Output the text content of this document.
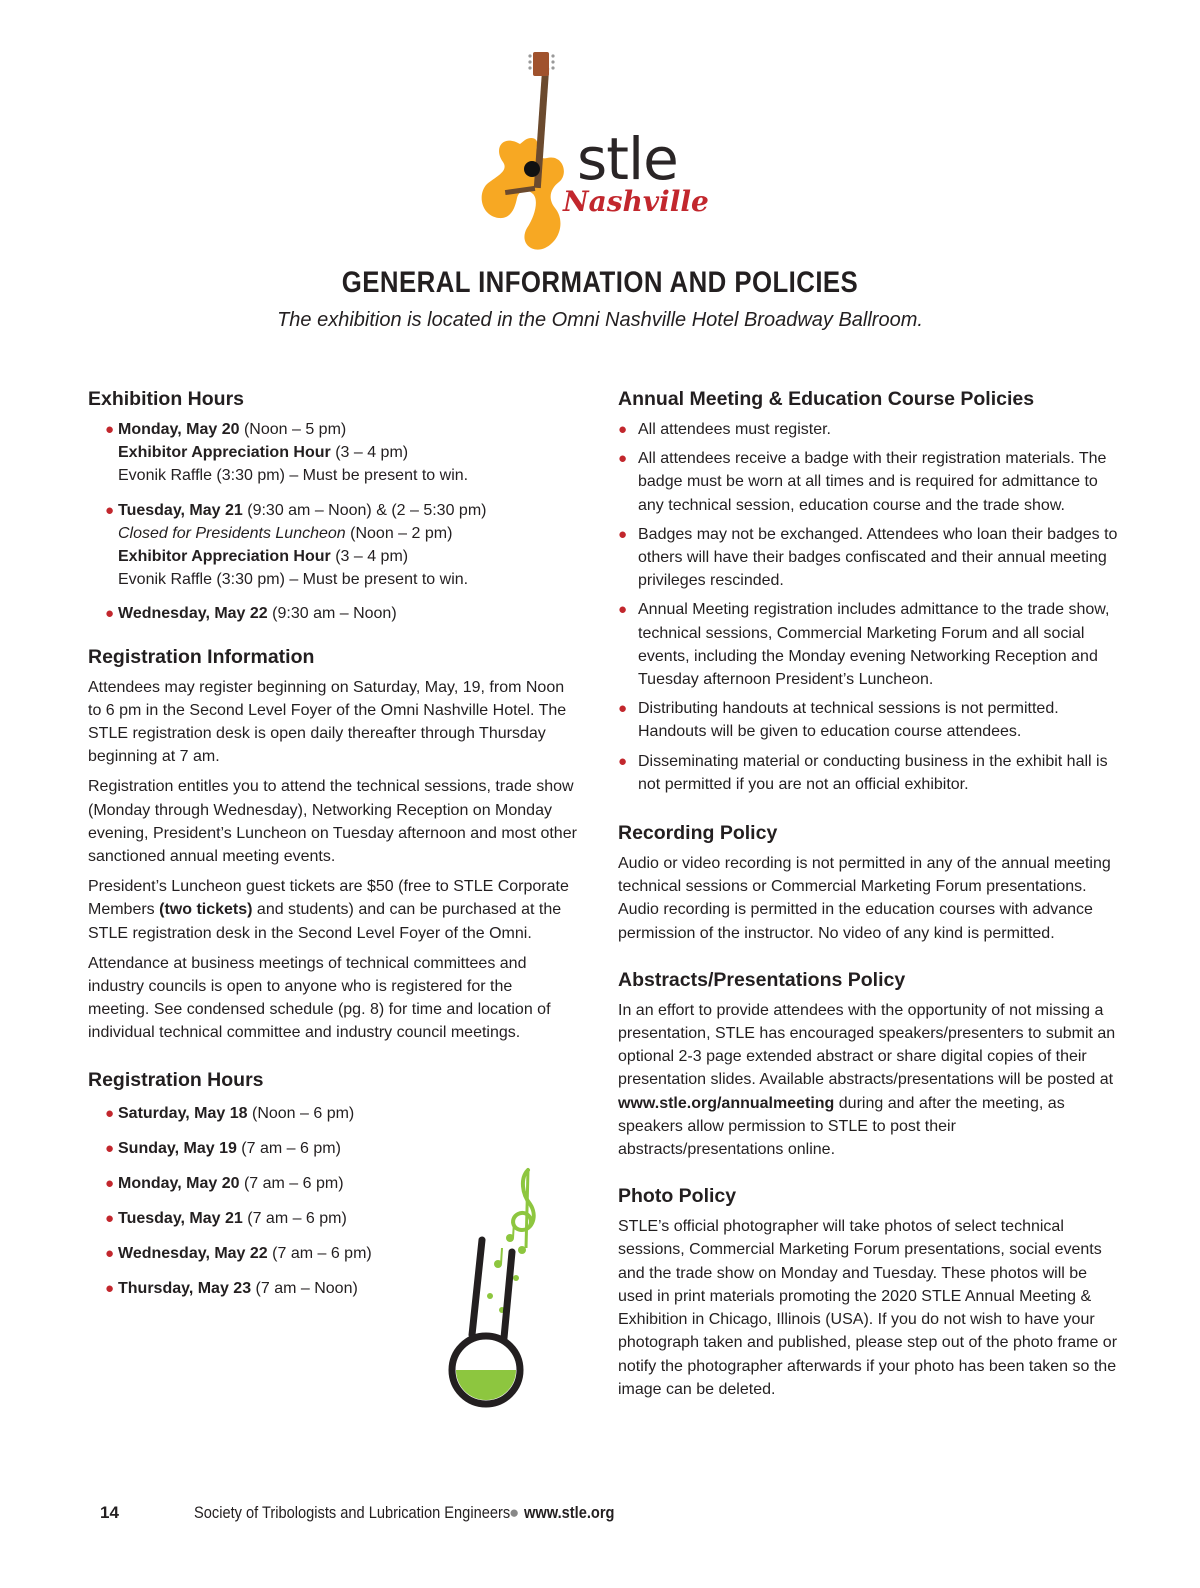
stle
Nashville
GENERAL INFORMATION AND POLICIES
The exhibition is located in the Omni Nashville Hotel Broadway Ballroom.
Exhibition Hours
● Monday, May 20 (Noon – 5 pm)
Exhibitor Appreciation Hour (3 – 4 pm)
Evonik Raffle (3:30 pm) – Must be present to win.
● Tuesday, May 21 (9:30 am – Noon) & (2 – 5:30 pm)
Closed for Presidents Luncheon (Noon – 2 pm)
Exhibitor Appreciation Hour (3 – 4 pm)
Evonik Raffle (3:30 pm) – Must be present to win.
● Wednesday, May 22 (9:30 am – Noon)
Registration Information

Attendees may register beginning on Saturday, May, 19, from Noon to 6 pm in the Second Level Foyer of the Omni Nashville Hotel. The STLE registration desk is open daily thereafter through Thursday beginning at 7 am.

Registration entitles you to attend the technical sessions, trade show (Monday through Wednesday), Networking Reception on Monday evening, President’s Luncheon on Tuesday afternoon and most other sanctioned annual meeting events.

President’s Luncheon guest tickets are $50 (free to STLE Corporate Members (two tickets) and students) and can be purchased at the STLE registration desk in the Second Level Foyer of the Omni.

Attendance at business meetings of technical committees and industry councils is open to anyone who is registered for the meeting. See condensed schedule (pg. 8) for time and location of individual technical committee and industry council meetings.

Registration Hours
● Saturday, May 18 (Noon – 6 pm)
● Sunday, May 19 (7 am – 6 pm)
● Monday, May 20 (7 am – 6 pm)
● Tuesday, May 21 (7 am – 6 pm)
● Wednesday, May 22 (7 am – 6 pm)
● Thursday, May 23 (7 am – Noon)
Annual Meeting & Education Course Policies
● All attendees must register.
● All attendees receive a badge with their registration materials. The badge must be worn at all times and is required for admittance to any technical session, education course and the trade show.
● Badges may not be exchanged. Attendees who loan their badges to others will have their badges confiscated and their annual meeting privileges rescinded.
● Annual Meeting registration includes admittance to the trade show, technical sessions, Commercial Marketing Forum and all social events, including the Monday evening Networking Reception and Tuesday afternoon President’s Luncheon.
● Distributing handouts at technical sessions is not permitted. Handouts will be given to education course attendees.
● Disseminating material or conducting business in the exhibit hall is not permitted if you are not an official exhibitor.
Recording Policy

Audio or video recording is not permitted in any of the annual meeting technical sessions or Commercial Marketing Forum presentations. Audio recording is permitted in the education courses with advance permission of the instructor. No video of any kind is permitted.

Abstracts/Presentations Policy

In an effort to provide attendees with the opportunity of not missing a presentation, STLE has encouraged speakers/presenters to submit an optional 2-3 page extended abstract or share digital copies of their presentation slides. Available abstracts/presentations will be posted at www.stle.org/annualmeeting during and after the meeting, as speakers allow permission to STLE to post their abstracts/presentations online.

Photo Policy

STLE’s official photographer will take photos of select technical sessions, Commercial Marketing Forum presentations, social events and the trade show on Monday and Tuesday. These photos will be used in print materials promoting the 2020 STLE Annual Meeting & Exhibition in Chicago, Illinois (USA). If you do not wish to have your photograph taken and published, please step out of the photo frame or notify the photographer afterwards if your photo has been taken so the image can be deleted.

14	Society of Tribologists and Lubrication Engineers
● www.stle.org
